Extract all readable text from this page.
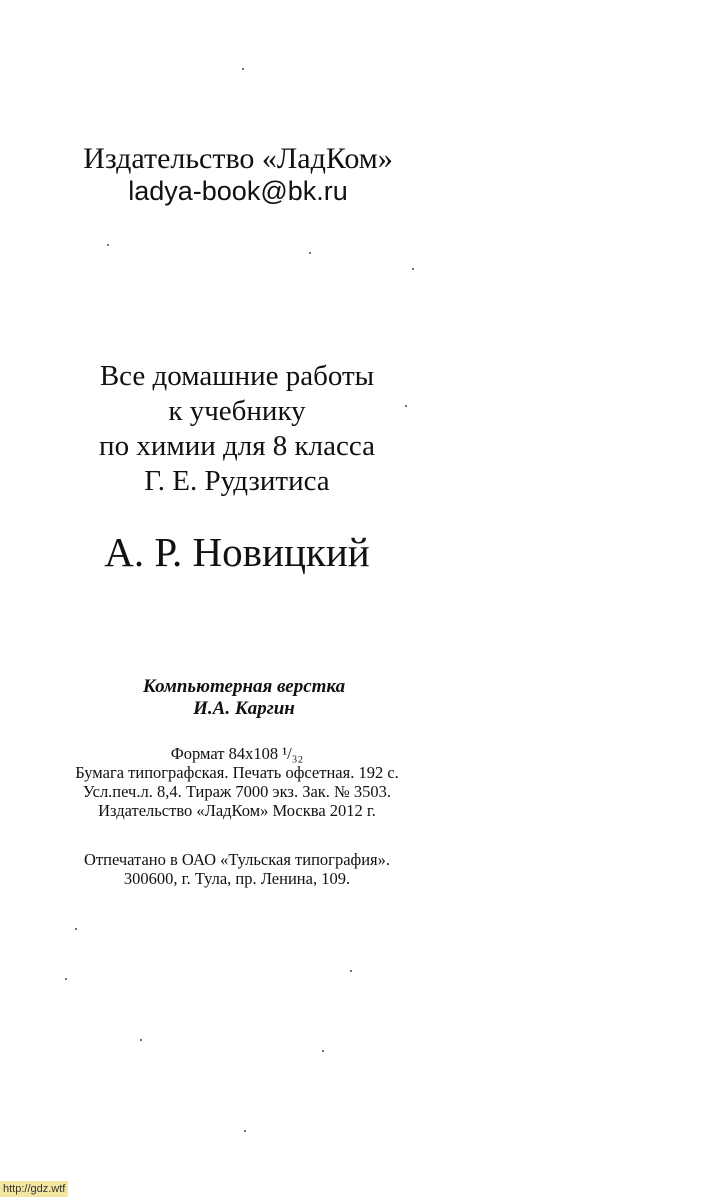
Издательство «ЛадКом»
ladya-book@bk.ru
Все домашние работы
к учебнику
по химии для 8 класса
Г. Е. Рудзитиса
А. Р. Новицкий
Компьютерная верстка
И.А. Каргин
Формат 84x108 ¹/₃₂
Бумага типографская. Печать офсетная. 192 с.
Усл.печ.л. 8,4. Тираж 7000 экз. Зак. № 3503.
Издательство «ЛадКом» Москва 2012 г.
Отпечатано в ОАО «Тульская типография».
300600, г. Тула, пр. Ленина, 109.
http://gdz.wtf
